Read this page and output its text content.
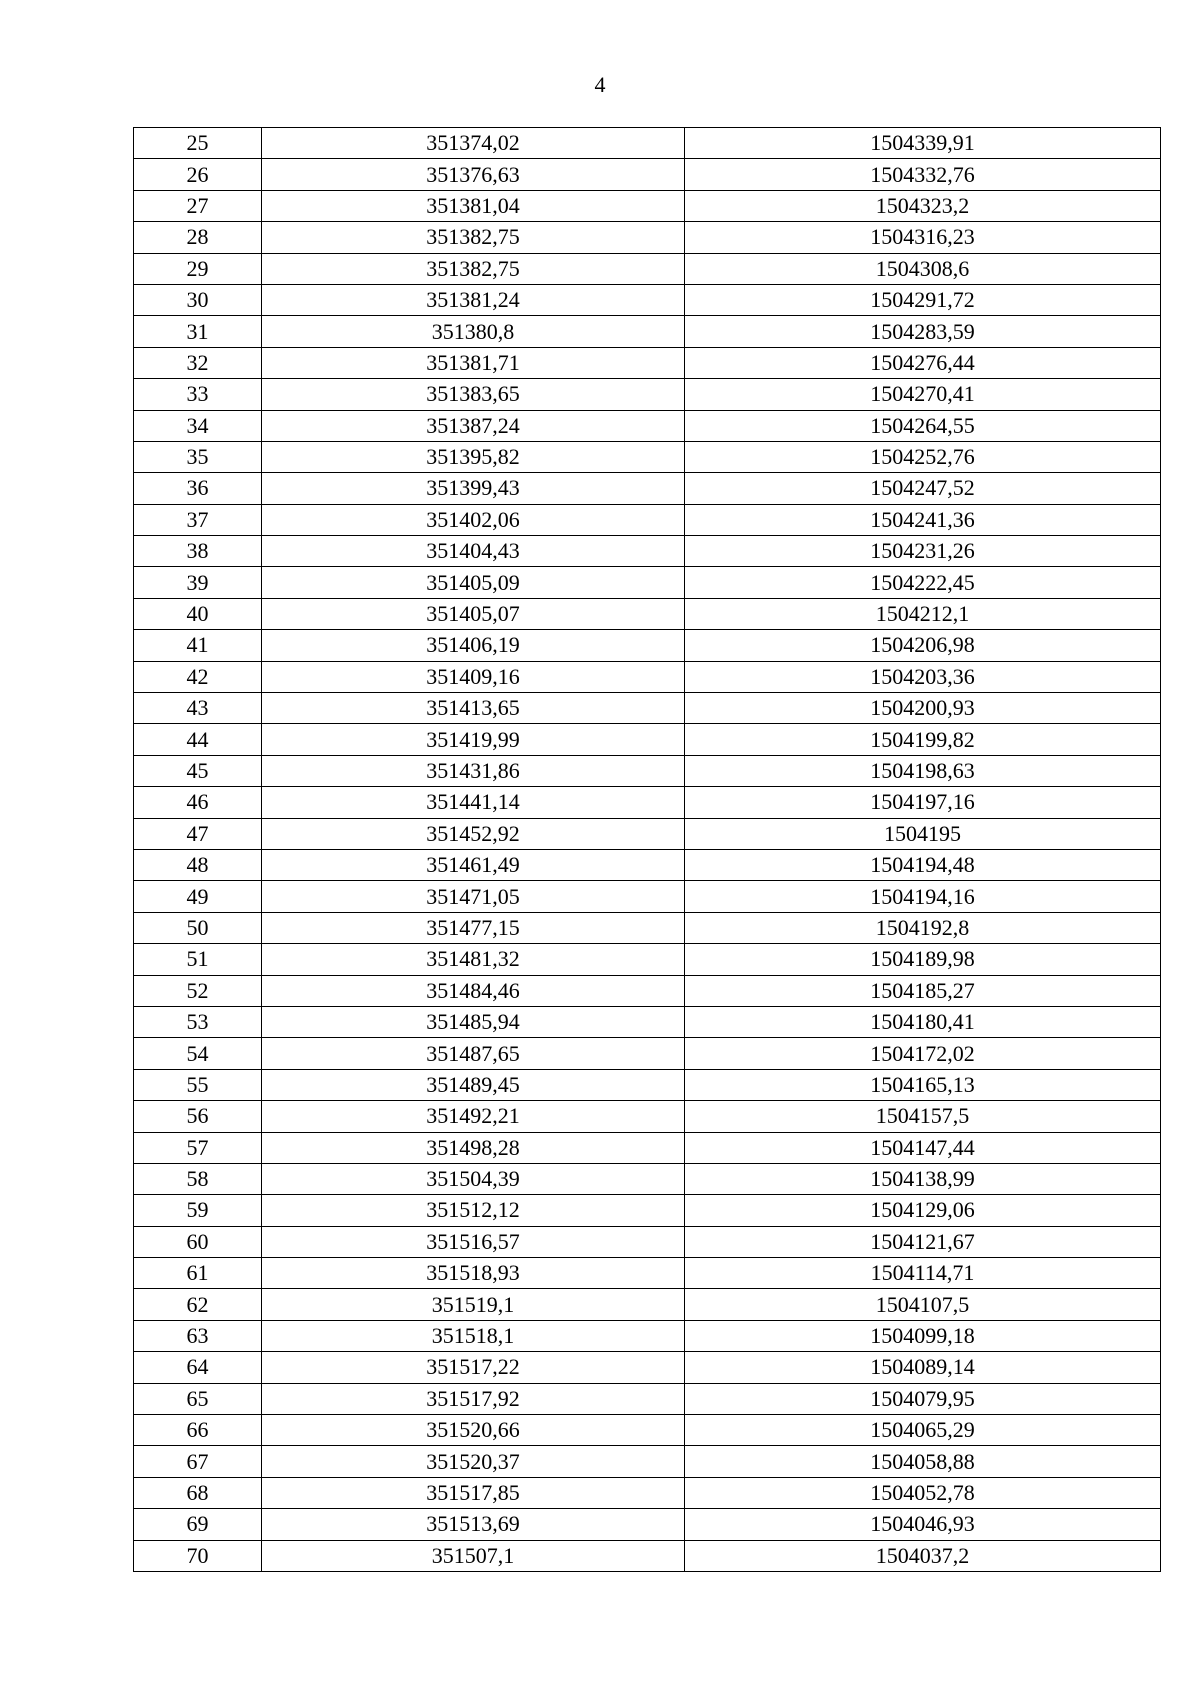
4
25	351374,02	1504339,91
26	351376,63	1504332,76
27	351381,04	1504323,2
28	351382,75	1504316,23
29	351382,75	1504308,6
30	351381,24	1504291,72
31	351380,8	1504283,59
32	351381,71	1504276,44
33	351383,65	1504270,41
34	351387,24	1504264,55
35	351395,82	1504252,76
36	351399,43	1504247,52
37	351402,06	1504241,36
38	351404,43	1504231,26
39	351405,09	1504222,45
40	351405,07	1504212,1
41	351406,19	1504206,98
42	351409,16	1504203,36
43	351413,65	1504200,93
44	351419,99	1504199,82
45	351431,86	1504198,63
46	351441,14	1504197,16
47	351452,92	1504195
48	351461,49	1504194,48
49	351471,05	1504194,16
50	351477,15	1504192,8
51	351481,32	1504189,98
52	351484,46	1504185,27
53	351485,94	1504180,41
54	351487,65	1504172,02
55	351489,45	1504165,13
56	351492,21	1504157,5
57	351498,28	1504147,44
58	351504,39	1504138,99
59	351512,12	1504129,06
60	351516,57	1504121,67
61	351518,93	1504114,71
62	351519,1	1504107,5
63	351518,1	1504099,18
64	351517,22	1504089,14
65	351517,92	1504079,95
66	351520,66	1504065,29
67	351520,37	1504058,88
68	351517,85	1504052,78
69	351513,69	1504046,93
70	351507,1	1504037,2
